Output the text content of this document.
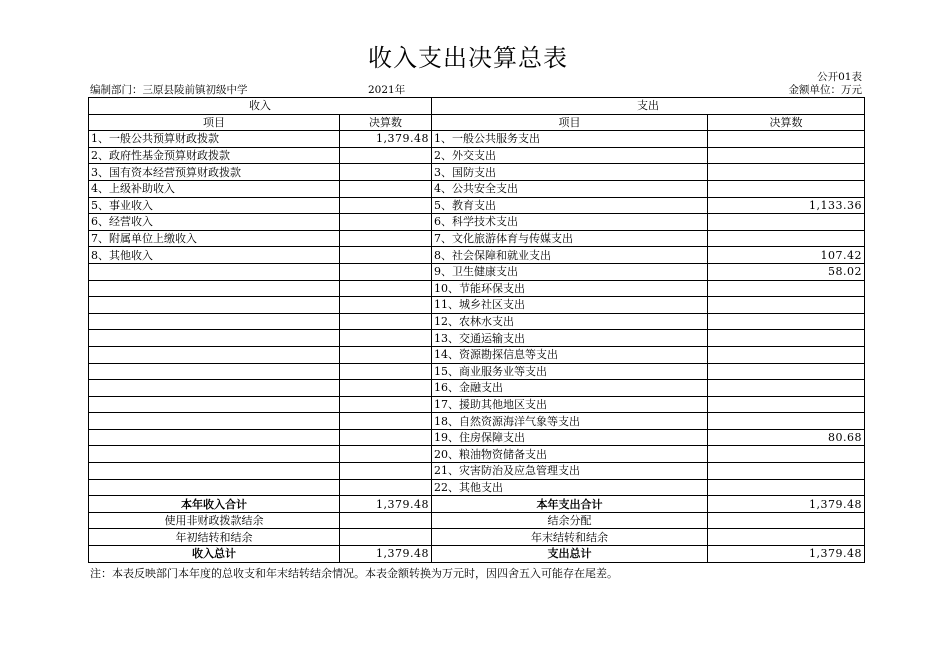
收入支出决算总表
公开01表
编制部门：三原县陵前镇初级中学	2021年	金额单位：万元
收入		支出	
项目	决算数	项目	决算数
1、一般公共预算财政拨款	1,379.48	1、一般公共服务支出	
2、政府性基金预算财政拨款		2、外交支出	
3、国有资本经营预算财政拨款		3、国防支出	
4、上级补助收入		4、公共安全支出	
5、事业收入		5、教育支出	1,133.36
6、经营收入		6、科学技术支出	
7、附属单位上缴收入		7、文化旅游体育与传媒支出	
8、其他收入		8、社会保障和就业支出	107.42
		9、卫生健康支出	58.02
		10、节能环保支出	
		11、城乡社区支出	
		12、农林水支出	
		13、交通运输支出	
		14、资源勘探信息等支出	
		15、商业服务业等支出	
		16、金融支出	
		17、援助其他地区支出	
		18、自然资源海洋气象等支出	
		19、住房保障支出	80.68
		20、粮油物资储备支出	
		21、灾害防治及应急管理支出	
		22、其他支出	
本年收入合计	1,379.48	本年支出合计	1,379.48
使用非财政拨款结余		结余分配	
年初结转和结余		年末结转和结余	
收入总计	1,379.48	支出总计	1,379.48
注：本表反映部门本年度的总收支和年末结转结余情况。本表金额转换为万元时，因四舍五入可能存在尾差。
